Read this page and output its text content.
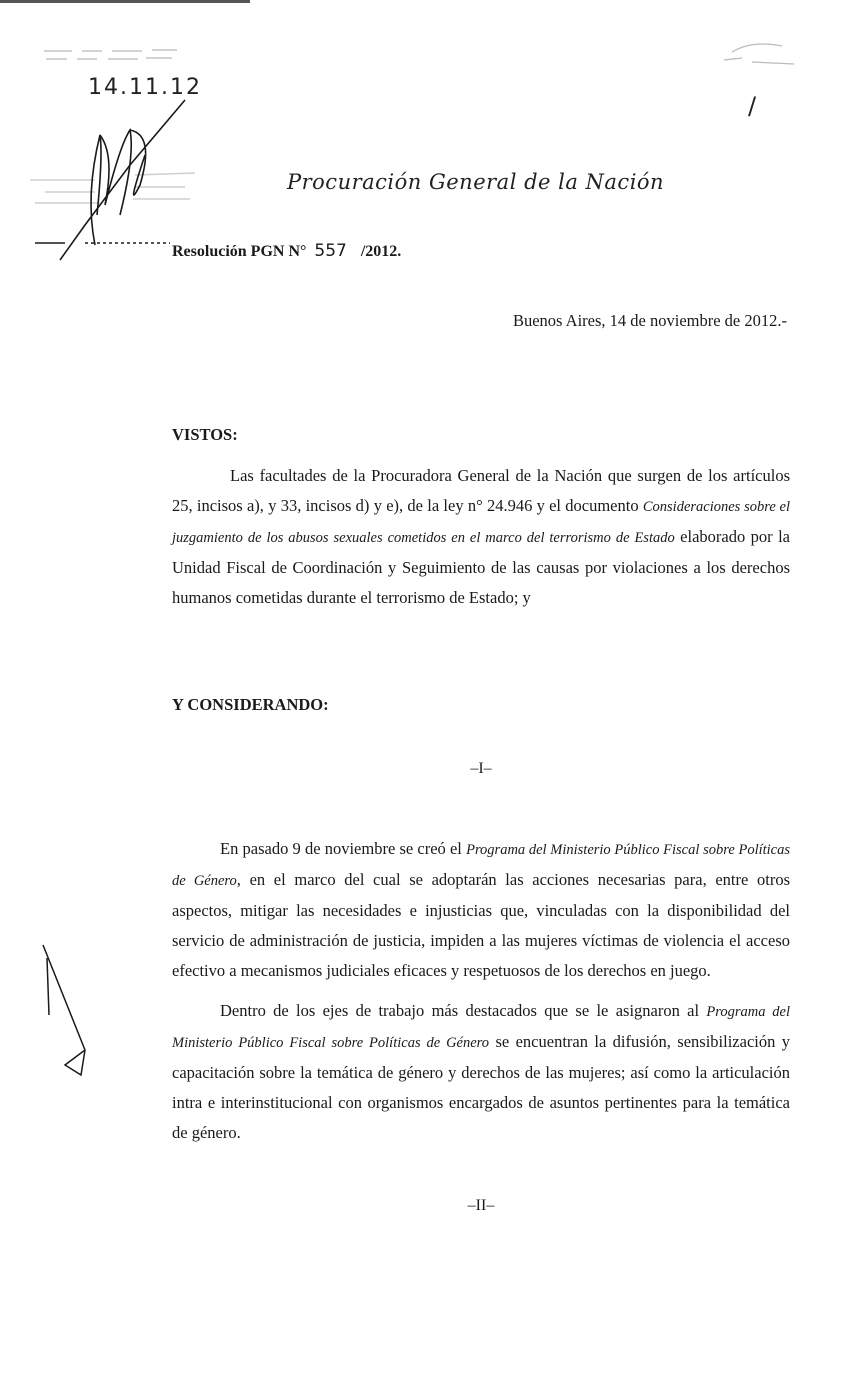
14.11.12
/
Procuración General de la Nación
Resolución PGN N° 557 /2012.
Buenos Aires, 14 de noviembre de 2012.-
VISTOS:
Las facultades de la Procuradora General de la Nación que surgen de los artículos 25, incisos a), y 33, incisos d) y e), de la ley n° 24.946 y el documento Consideraciones sobre el juzgamiento de los abusos sexuales cometidos en el marco del terrorismo de Estado elaborado por la Unidad Fiscal de Coordinación y Seguimiento de las causas por violaciones a los derechos humanos cometidas durante el terrorismo de Estado; y
Y CONSIDERANDO:
–I–
En pasado 9 de noviembre se creó el Programa del Ministerio Público Fiscal sobre Políticas de Género, en el marco del cual se adoptarán las acciones necesarias para, entre otros aspectos, mitigar las necesidades e injusticias que, vinculadas con la disponibilidad del servicio de administración de justicia, impiden a las mujeres víctimas de violencia el acceso efectivo a mecanismos judiciales eficaces y respetuosos de los derechos en juego.
Dentro de los ejes de trabajo más destacados que se le asignaron al Programa del Ministerio Público Fiscal sobre Políticas de Género se encuentran la difusión, sensibilización y capacitación sobre la temática de género y derechos de las mujeres; así como la articulación intra e interinstitucional con organismos encargados de asuntos pertinentes para la temática de género.
–II–
